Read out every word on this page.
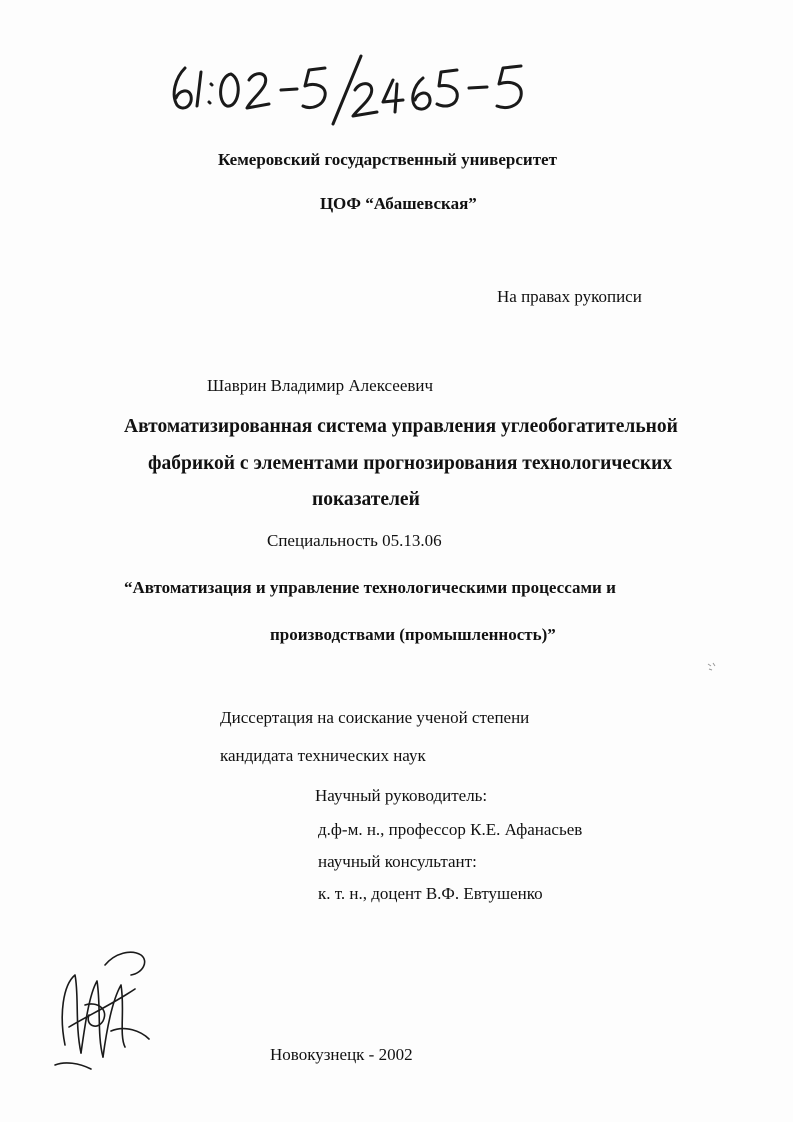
61:02-5/2465-5
Кемеровский государственный университет
ЦОФ “Абашевская”
На правах рукописи
Шаврин Владимир Алексеевич
Автоматизированная система управления углеобогатительной
фабрикой с элементами прогнозирования технологических
показателей
Специальность 05.13.06
“Автоматизация и управление технологическими процессами и
производствами (промышленность)”
Диссертация на соискание ученой степени
кандидата технических наук
Научный руководитель:
д.ф-м. н., профессор К.Е. Афанасьев
научный консультант:
к. т. н., доцент В.Ф. Евтушенко
Новокузнецк - 2002
